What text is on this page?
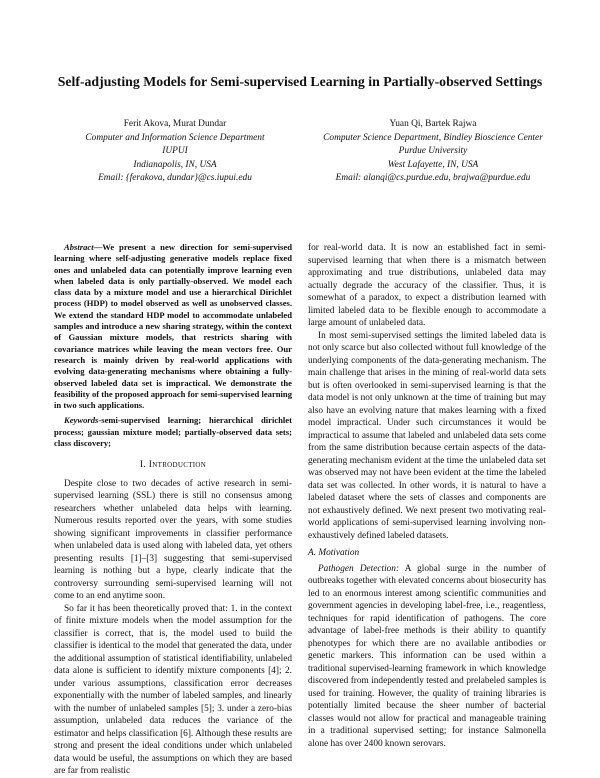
Self-adjusting Models for Semi-supervised Learning in Partially-observed Settings
Ferit Akova, Murat Dundar
Computer and Information Science Department
IUPUI
Indianapolis, IN, USA
Email: {ferakova, dundar}@cs.iupui.edu
Yuan Qi, Bartek Rajwa
Computer Science Department, Bindley Bioscience Center
Purdue University
West Lafayette, IN, USA
Email: alanqi@cs.purdue.edu, brajwa@purdue.edu

Abstract—We present a new direction for semi-supervised learning where self-adjusting generative models replace fixed ones and unlabeled data can potentially improve learning even when labeled data is only partially-observed. We model each class data by a mixture model and use a hierarchical Dirichlet process (HDP) to model observed as well as unobserved classes. We extend the standard HDP model to accommodate unlabeled samples and introduce a new sharing strategy, within the context of Gaussian mixture models, that restricts sharing with covariance matrices while leaving the mean vectors free. Our research is mainly driven by real-world applications with evolving data-generating mechanisms where obtaining a fully-observed labeled data set is impractical. We demonstrate the feasibility of the proposed approach for semi-supervised learning in two such applications.

Keywords-semi-supervised learning; hierarchical dirichlet process; gaussian mixture model; partially-observed data sets; class discovery;

I. Introduction

Despite close to two decades of active research in semi-supervised learning (SSL) there is still no consensus among researchers whether unlabeled data helps with learning. Numerous results reported over the years, with some studies showing significant improvements in classifier performance when unlabeled data is used along with labeled data, yet others presenting results [1]–[3] suggesting that semi-supervised learning is nothing but a hype, clearly indicate that the controversy surrounding semi-supervised learning will not come to an end anytime soon.

So far it has been theoretically proved that: 1. in the context of finite mixture models when the model assumption for the classifier is correct, that is, the model used to build the classifier is identical to the model that generated the data, under the additional assumption of statistical identifiability, unlabeled data alone is sufficient to identify mixture components [4]; 2. under various assumptions, classification error decreases exponentially with the number of labeled samples, and linearly with the number of unlabeled samples [5]; 3. under a zero-bias assumption, unlabeled data reduces the variance of the estimator and helps classification [6]. Although these results are strong and present the ideal conditions under which unlabeled data would be useful, the assumptions on which they are based are far from realistic

for real-world data. It is now an established fact in semi-supervised learning that when there is a mismatch between approximating and true distributions, unlabeled data may actually degrade the accuracy of the classifier. Thus, it is somewhat of a paradox, to expect a distribution learned with limited labeled data to be flexible enough to accommodate a large amount of unlabeled data.

In most semi-supervised settings the limited labeled data is not only scarce but also collected without full knowledge of the underlying components of the data-generating mechanism. The main challenge that arises in the mining of real-world data sets but is often overlooked in semi-supervised learning is that the data model is not only unknown at the time of training but may also have an evolving nature that makes learning with a fixed model impractical. Under such circumstances it would be impractical to assume that labeled and unlabeled data sets come from the same distribution because certain aspects of the data-generating mechanism evident at the time the unlabeled data set was observed may not have been evident at the time the labeled data set was collected. In other words, it is natural to have a labeled dataset where the sets of classes and components are not exhaustively defined. We next present two motivating real-world applications of semi-supervised learning involving non-exhaustively defined labeled datasets.

A. Motivation

Pathogen Detection: A global surge in the number of outbreaks together with elevated concerns about biosecurity has led to an enormous interest among scientific communities and government agencies in developing label-free, i.e., reagentless, techniques for rapid identification of pathogens. The core advantage of label-free methods is their ability to quantify phenotypes for which there are no available antibodies or genetic markers. This information can be used within a traditional supervised-learning framework in which knowledge discovered from independently tested and prelabeled samples is used for training. However, the quality of training libraries is potentially limited because the sheer number of bacterial classes would not allow for practical and manageable training in a traditional supervised setting; for instance Salmonella alone has over 2400 known serovars.
